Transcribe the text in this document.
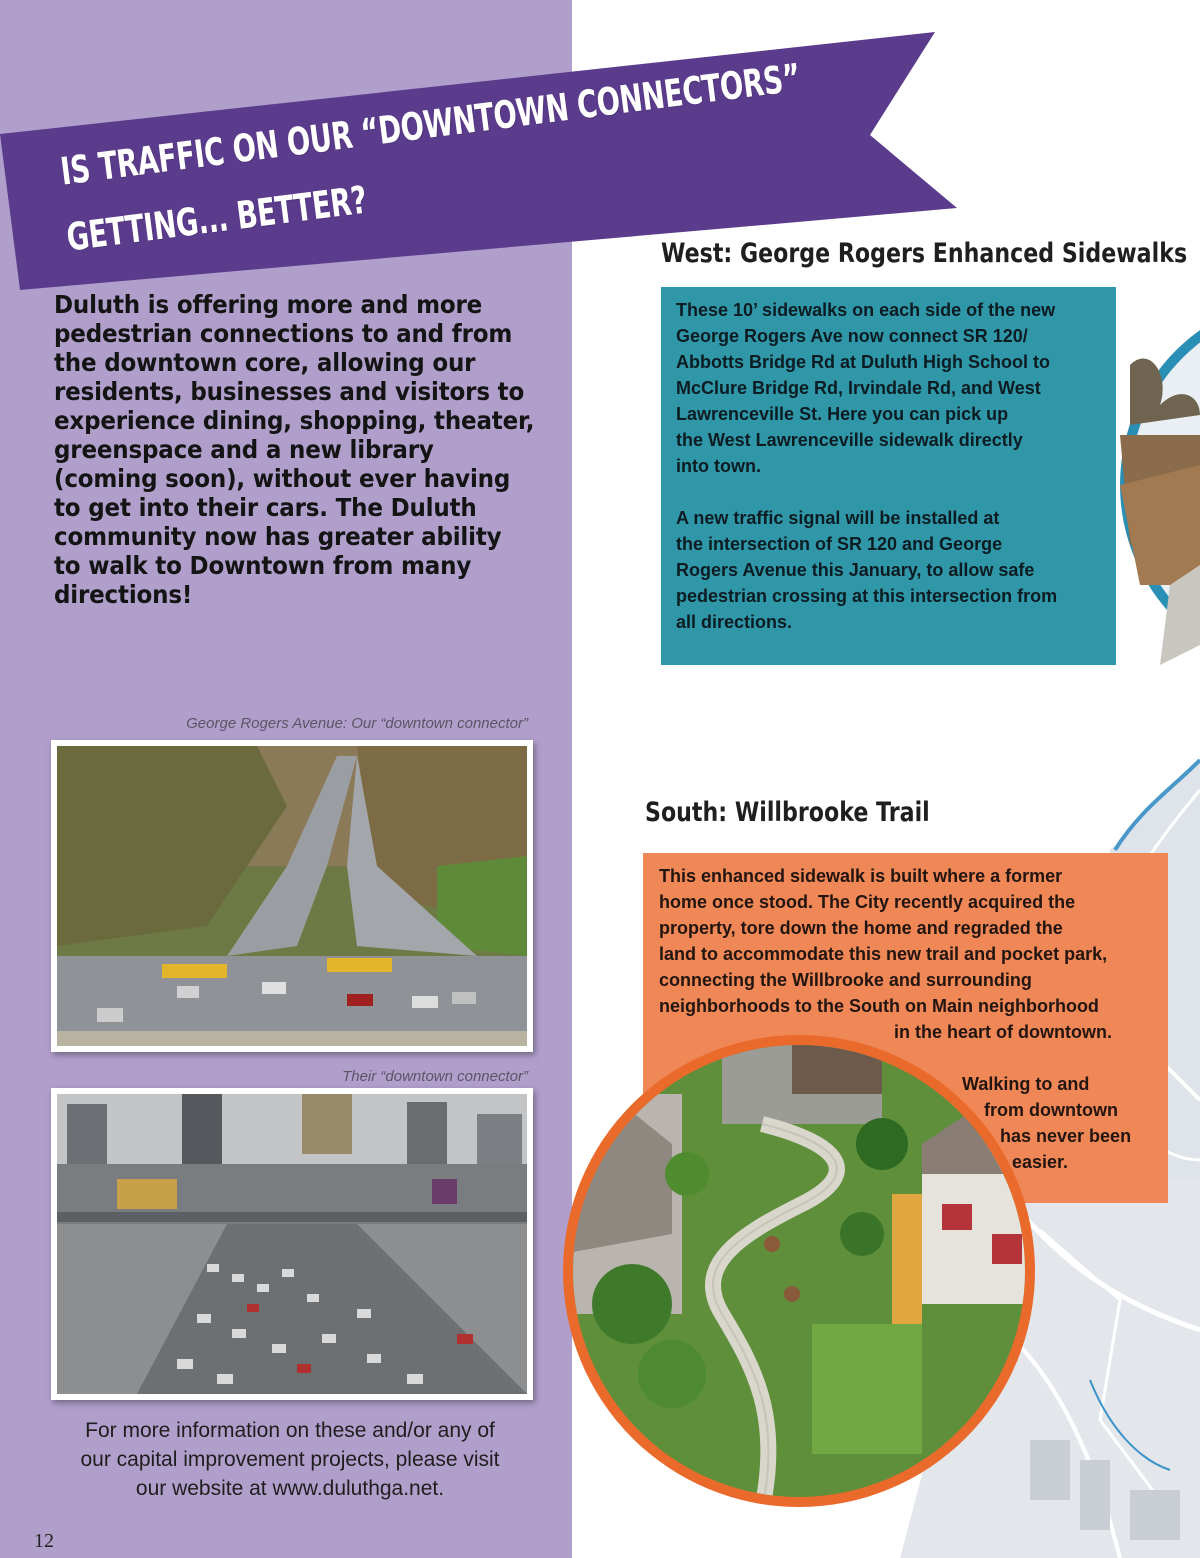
IS TRAFFIC ON OUR “DOWNTOWN CONNECTORS”
GETTING... BETTER?
Duluth is offering more and more
pedestrian connections to and from
the downtown core, allowing our
residents, businesses and visitors to
experience dining, shopping, theater,
greenspace and a new library
(coming soon), without ever having
to get into their cars. The Duluth
community now has greater ability
to walk to Downtown from many
directions!
George Rogers Avenue: Our “downtown connector”
Their “downtown connector”
For more information on these and/or any of
our capital improvement projects, please visit
our website at www.duluthga.net.
12
West: George Rogers Enhanced Sidewalks

These 10’ sidewalks on each side of the new
George Rogers Ave now connect SR 120/
Abbotts Bridge Rd at Duluth High School to
McClure Bridge Rd, Irvindale Rd, and West
Lawrenceville St. Here you can pick up
the West Lawrenceville sidewalk directly
into town.

A new traffic signal will be installed at
the intersection of SR 120 and George
Rogers Avenue this January, to allow safe
pedestrian crossing at this intersection from
all directions.

South: Willbrooke Trail
This enhanced sidewalk is built where a former
home once stood. The City recently acquired the
property, tore down the home and regraded the
land to accommodate this new trail and pocket park,
connecting the Willbrooke and surrounding
neighborhoods to the South on Main neighborhood
in the heart of downtown.
Walking to and
from downtown
has never been
easier.
